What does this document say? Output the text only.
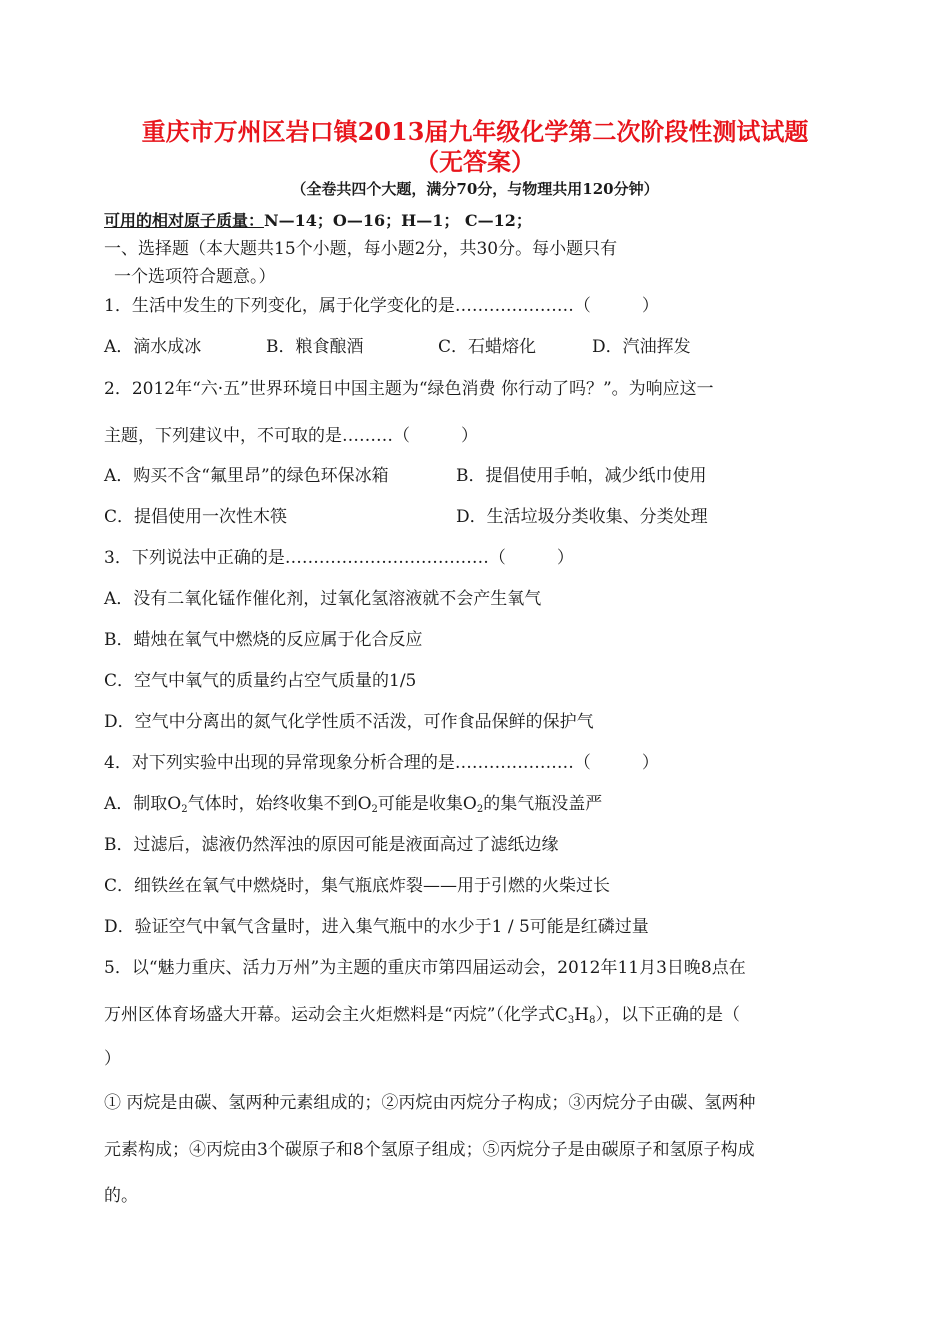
重庆市万州区岩口镇2013届九年级化学第二次阶段性测试试题
（无答案）
（全卷共四个大题，满分70分，与物理共用120分钟）
可用的相对原子质量：N—14；O—16；H—1； C—12；
一、选择题（本大题共15个小题，每小题2分，共30分。每小题只有
一个选项符合题意。）
1．生活中发生的下列变化，属于化学变化的是…………………（　　　）
A．滴水成冰	B．粮食酿酒	C．石蜡熔化	D．汽油挥发
2．2012年“六·五”世界环境日中国主题为“绿色消费 你行动了吗？”。为响应这一
主题，下列建议中，不可取的是………（　　　）
A．购买不含“氟里昂”的绿色环保冰箱	B．提倡使用手帕，减少纸巾使用
C．提倡使用一次性木筷	D．生活垃圾分类收集、分类处理
3．下列说法中正确的是………………………………（　　　）
A．没有二氧化锰作催化剂，过氧化氢溶液就不会产生氧气
B．蜡烛在氧气中燃烧的反应属于化合反应
C．空气中氧气的质量约占空气质量的1/5
D．空气中分离出的氮气化学性质不活泼，可作食品保鲜的保护气
4．对下列实验中出现的异常现象分析合理的是…………………（　　　）
A．制取$O_2$气体时，始终收集不到$O_2$可能是收集$O_2$的集气瓶没盖严
B．过滤后，滤液仍然浑浊的原因可能是液面高过了滤纸边缘
C．细铁丝在氧气中燃烧时，集气瓶底炸裂——用于引燃的火柴过长
D．验证空气中氧气含量时，进入集气瓶中的水少于1 / 5可能是红磷过量
5．以“魅力重庆、活力万州”为主题的重庆市第四届运动会，2012年11月3日晚8点在
万州区体育场盛大开幕。运动会主火炬燃料是“丙烷”（化学式$C_3H_8$），以下正确的是（
）
① 丙烷是由碳、氢两种元素组成的；②丙烷由丙烷分子构成；③丙烷分子由碳、氢两种
元素构成；④丙烷由3个碳原子和8个氢原子组成；⑤丙烷分子是由碳原子和氢原子构成
的。
